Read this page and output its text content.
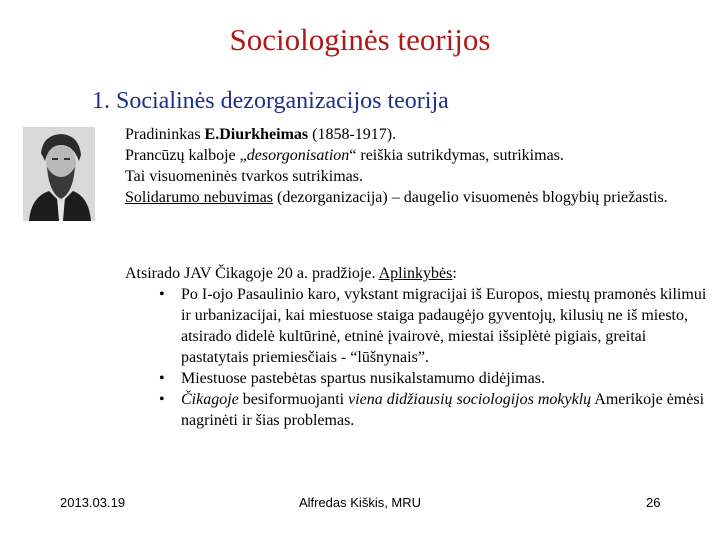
Sociologinės teorijos
1. Socialinės dezorganizacijos teorija

Pradininkas E.Diurkheimas (1858-1917).

Prancūzų kalboje „desorgonisation“ reiškia sutrikdymas, sutrikimas.

Tai visuomeninės tvarkos sutrikimas.

Solidarumo nebuvimas (dezorganizacija) – daugelio visuomenės blogybių priežastis.

Atsirado JAV Čikagoje 20 a. pradžioje. Aplinkybės:

• Po I-ojo Pasaulinio karo, vykstant migracijai iš Europos, miestų pramonės kilimui ir urbanizacijai, kai miestuose staiga padaugėjo gyventojų, kilusių ne iš miesto, atsirado didelė kultūrinė, etninė įvairovė, miestai išsiplėtė pigiais, greitai pastatytais priemiesčiais - “lūšnynais”.
• Miestuose pastebėtas spartus nusikalstamumo didėjimas.
• Čikagoje besiformuojanti viena didžiausių sociologijos mokyklų Amerikoje ėmėsi nagrinėti ir šias problemas.
2013.03.19	Alfredas Kiškis, MRU	26
